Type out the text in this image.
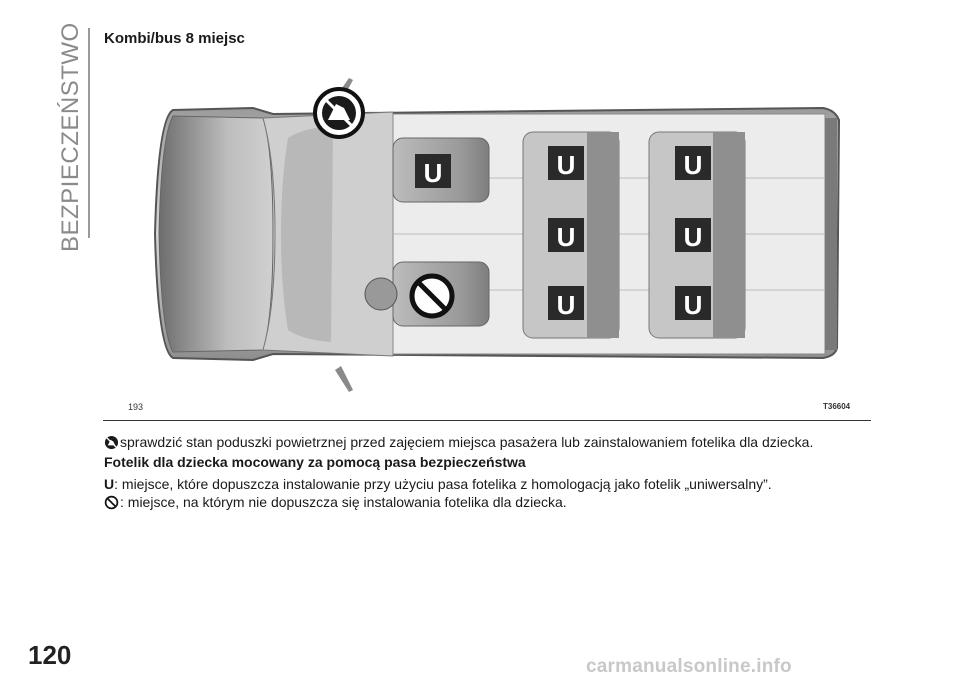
BEZPIECZEŃSTWO Kombi/bus 8 miejsc
U	U
U
U
U
U
U
193	T36604
sprawdzić stan poduszki powietrznej przed zajęciem miejsca pasażera lub zainstalowaniem fotelika dla dziecka.
Fotelik dla dziecka mocowany za pomocą pasa bezpieczeństwa
U: miejsce, które dopuszcza instalowanie przy użyciu pasa fotelika z homologacją jako fotelik „uniwersalny”.
: miejsce, na którym nie dopuszcza się instalowania fotelika dla dziecka.
120	carmanualsonline.info
